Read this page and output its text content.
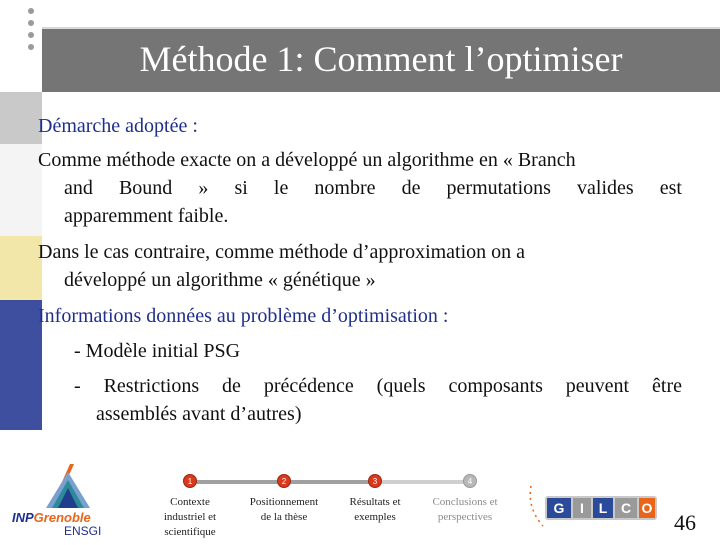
Méthode 1: Comment l’optimiser
Démarche adoptée :
Comme méthode exacte on a développé un algorithme en « Branch
and Bound » si le nombre de permutations valides est
apparemment faible.
Dans le cas contraire, comme méthode d’approximation on a
développé un algorithme « génétique »
Informations données au problème d’optimisation :
- Modèle initial PSG
- Restrictions de précédence (quels composants peuvent être
assemblés avant d’autres)
INPGrenoble
ENSGI
1	2	3	4
Contexte
industriel et
scientifique
Positionnement
de la thèse
Résultats et
exemples
Conclusions et
perspectives
G I L C O
46
